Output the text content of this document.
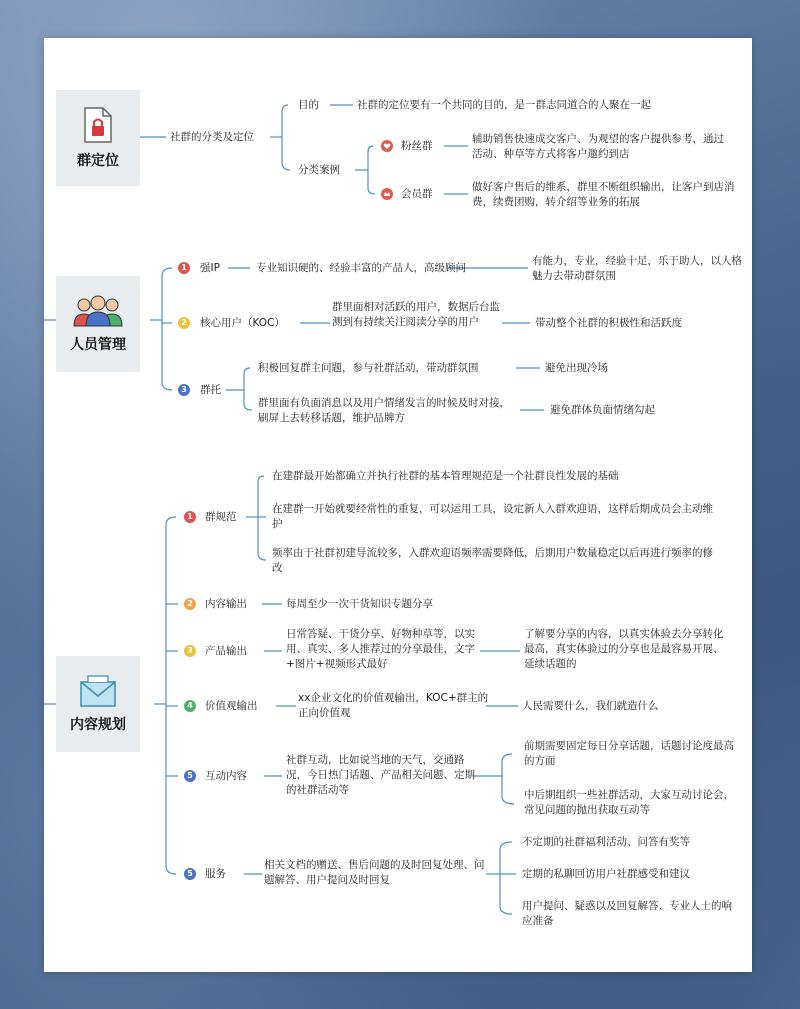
群定位
人员管理
内容规划
社群的分类及定位
目的	社群的定位要有一个共同的目的，是一群志同道合的人聚在一起
分类案例
粉丝群
辅助销售快速成交客户、为观望的客户提供参考，通过活动、种草等方式将客户邀约到店
会员群
做好客户售后的维系，群里不断组织输出，让客户到店消费，续费团购，转介绍等业务的拓展
1	强IP	专业知识硬的、经验丰富的产品人，高级顾问
有能力，专业，经验十足，乐于助人，以人格魅力去带动群氛围
2	核心用户（KOC）
群里面相对活跃的用户，数据后台监测到有持续关注阅读分享的用户	带动整个社群的积极性和活跃度
3	群托
积极回复群主问题，参与社群活动，带动群氛围	避免出现冷场
群里面有负面消息以及用户情绪发言的时候及时对接，刷屏上去转移话题，维护品牌方
避免群体负面情绪勾起
1	群规范
在建群最开始都确立并执行社群的基本管理规范是一个社群良性发展的基础
在建群一开始就要经常性的重复，可以运用工具，设定新人入群欢迎语，这样后期成员会主动维护
频率由于社群初建导流较多，入群欢迎语频率需要降低，后期用户数量稳定以后再进行频率的修改
2	内容输出	每周至少一次干货知识专题分享
3	产品输出
日常答疑、干货分享、好物种草等，以实用、真实、多人推荐过的分享最佳，文字+图片+视频形式最好
了解要分享的内容，以真实体验去分享转化最高，真实体验过的分享也是最容易开展、延续话题的
4	价值观输出
xx企业文化的价值观输出，KOC+群主的正向价值观
人民需要什么，我们就造什么
5	互动内容
社群互动，比如说当地的天气，交通路况，今日热门话题、产品相关问题、定期的社群活动等
前期需要固定每日分享话题，话题讨论度最高的方面
中后期组织一些社群活动，大家互动讨论会，常见问题的抛出获取互动等
5	服务
相关文档的赠送、售后问题的及时回复处理、问题解答、用户提问及时回复
不定期的社群福利活动、问答有奖等
定期的私聊回访用户社群感受和建议
用户提问、疑惑以及回复解答、专业人士的响应准备
